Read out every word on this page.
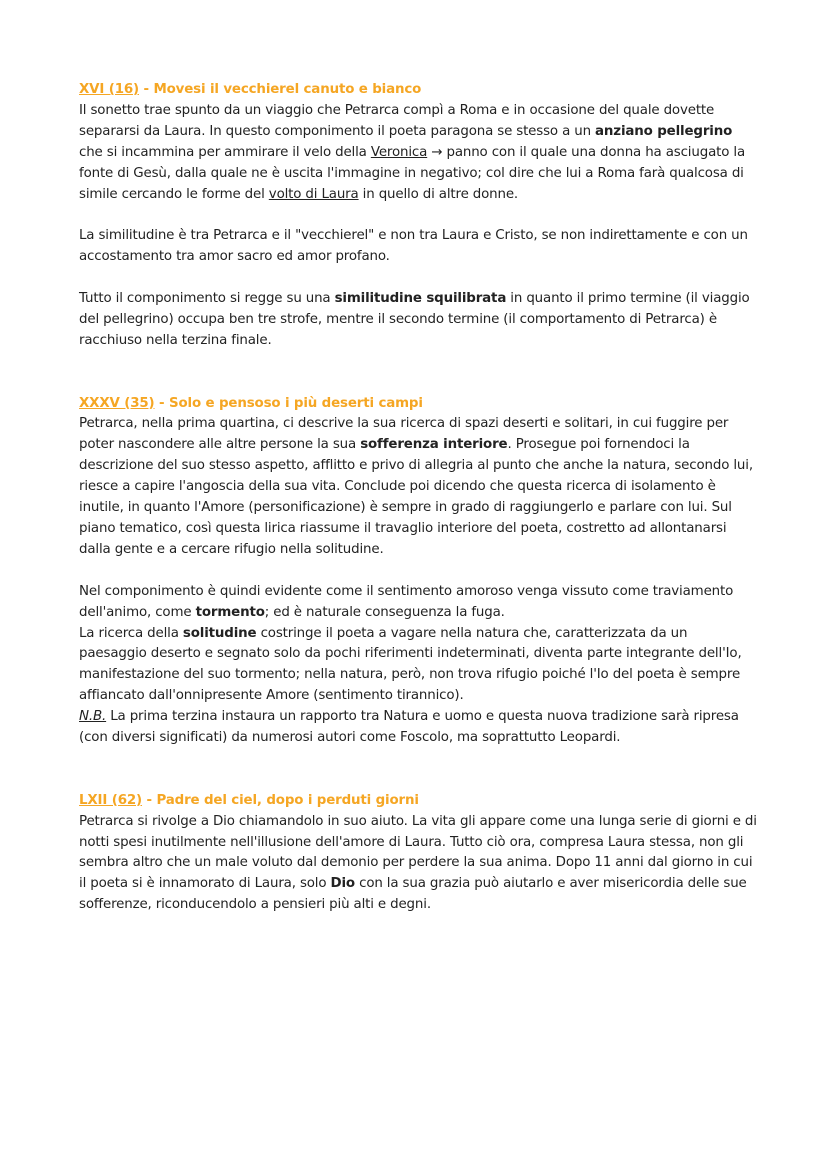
XVI (16) - Movesi il vecchierel canuto e bianco

Il sonetto trae spunto da un viaggio che Petrarca compì a Roma e in occasione del quale dovette separarsi da Laura. In questo componimento il poeta paragona se stesso a un anziano pellegrino che si incammina per ammirare il velo della Veronica → panno con il quale una donna ha asciugato la fonte di Gesù, dalla quale ne è uscita l'immagine in negativo; col dire che lui a Roma farà qualcosa di simile cercando le forme del volto di Laura in quello di altre donne.

La similitudine è tra Petrarca e il "vecchierel" e non tra Laura e Cristo, se non indirettamente e con un accostamento tra amor sacro ed amor profano.

Tutto il componimento si regge su una similitudine squilibrata in quanto il primo termine (il viaggio del pellegrino) occupa ben tre strofe, mentre il secondo termine (il comportamento di Petrarca) è racchiuso nella terzina finale.

XXXV (35) - Solo e pensoso i più deserti campi

Petrarca, nella prima quartina, ci descrive la sua ricerca di spazi deserti e solitari, in cui fuggire per poter nascondere alle altre persone la sua sofferenza interiore. Prosegue poi fornendoci la descrizione del suo stesso aspetto, afflitto e privo di allegria al punto che anche la natura, secondo lui, riesce a capire l'angoscia della sua vita. Conclude poi dicendo che questa ricerca di isolamento è inutile, in quanto l'Amore (personificazione) è sempre in grado di raggiungerlo e parlare con lui. Sul piano tematico, così questa lirica riassume il travaglio interiore del poeta, costretto ad allontanarsi dalla gente e a cercare rifugio nella solitudine.

Nel componimento è quindi evidente come il sentimento amoroso venga vissuto come traviamento dell'animo, come tormento; ed è naturale conseguenza la fuga.

La ricerca della solitudine costringe il poeta a vagare nella natura che, caratterizzata da un paesaggio deserto e segnato solo da pochi riferimenti indeterminati, diventa parte integrante dell'Io, manifestazione del suo tormento; nella natura, però, non trova rifugio poiché l'Io del poeta è sempre affiancato dall'onnipresente Amore (sentimento tirannico).

N.B. La prima terzina instaura un rapporto tra Natura e uomo e questa nuova tradizione sarà ripresa (con diversi significati) da numerosi autori come Foscolo, ma soprattutto Leopardi.

LXII (62) - Padre del ciel, dopo i perduti giorni

Petrarca si rivolge a Dio chiamandolo in suo aiuto. La vita gli appare come una lunga serie di giorni e di notti spesi inutilmente nell'illusione dell'amore di Laura. Tutto ciò ora, compresa Laura stessa, non gli sembra altro che un male voluto dal demonio per perdere la sua anima. Dopo 11 anni dal giorno in cui il poeta si è innamorato di Laura, solo Dio con la sua grazia può aiutarlo e aver misericordia delle sue sofferenze, riconducendolo a pensieri più alti e degni.
